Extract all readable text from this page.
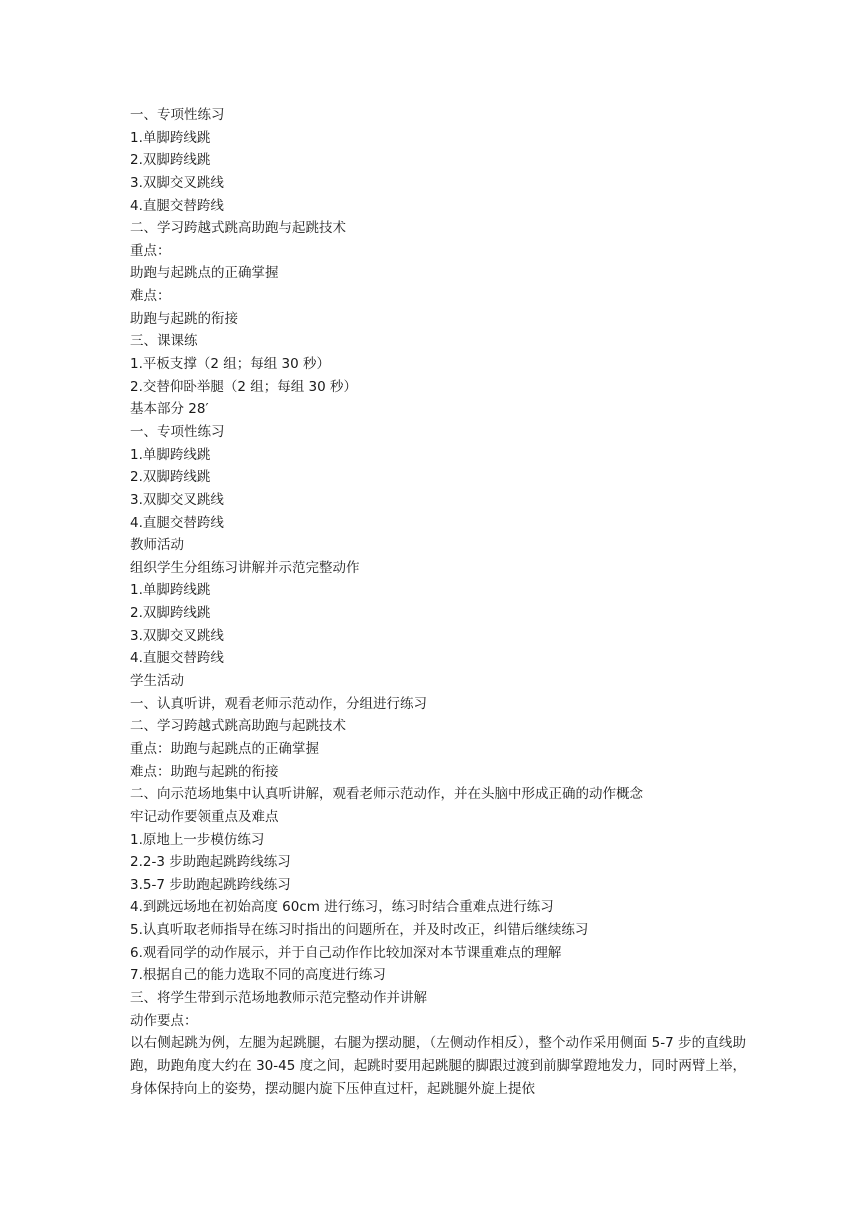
一、专项性练习
1.单脚跨线跳
2.双脚跨线跳
3.双脚交叉跳线
4.直腿交替跨线
二、学习跨越式跳高助跑与起跳技术
重点：
助跑与起跳点的正确掌握
难点：
助跑与起跳的衔接
三、课课练
1.平板支撑（2 组；每组 30 秒）
2.交替仰卧举腿（2 组；每组 30 秒）
基本部分 28′
一、专项性练习
1.单脚跨线跳
2.双脚跨线跳
3.双脚交叉跳线
4.直腿交替跨线
教师活动
组织学生分组练习讲解并示范完整动作
1.单脚跨线跳
2.双脚跨线跳
3.双脚交叉跳线
4.直腿交替跨线
学生活动
一、认真听讲，观看老师示范动作，分组进行练习
二、学习跨越式跳高助跑与起跳技术
重点：助跑与起跳点的正确掌握
难点：助跑与起跳的衔接
二、向示范场地集中认真听讲解，观看老师示范动作，并在头脑中形成正确的动作概念
牢记动作要领重点及难点
1.原地上一步模仿练习
2.2-3 步助跑起跳跨线练习
3.5-7 步助跑起跳跨线练习
4.到跳远场地在初始高度 60cm 进行练习，练习时结合重难点进行练习
5.认真听取老师指导在练习时指出的问题所在，并及时改正，纠错后继续练习
6.观看同学的动作展示，并于自己动作作比较加深对本节课重难点的理解
7.根据自己的能力选取不同的高度进行练习
三、将学生带到示范场地教师示范完整动作并讲解
动作要点：
以右侧起跳为例，左腿为起跳腿，右腿为摆动腿，（左侧动作相反），整个动作采用侧面 5-7 步的直线助跑，助跑角度大约在 30-45 度之间，起跳时要用起跳腿的脚跟过渡到前脚掌蹬地发力，同时两臂上举，身体保持向上的姿势，摆动腿内旋下压伸直过杆，起跳腿外旋上提依
